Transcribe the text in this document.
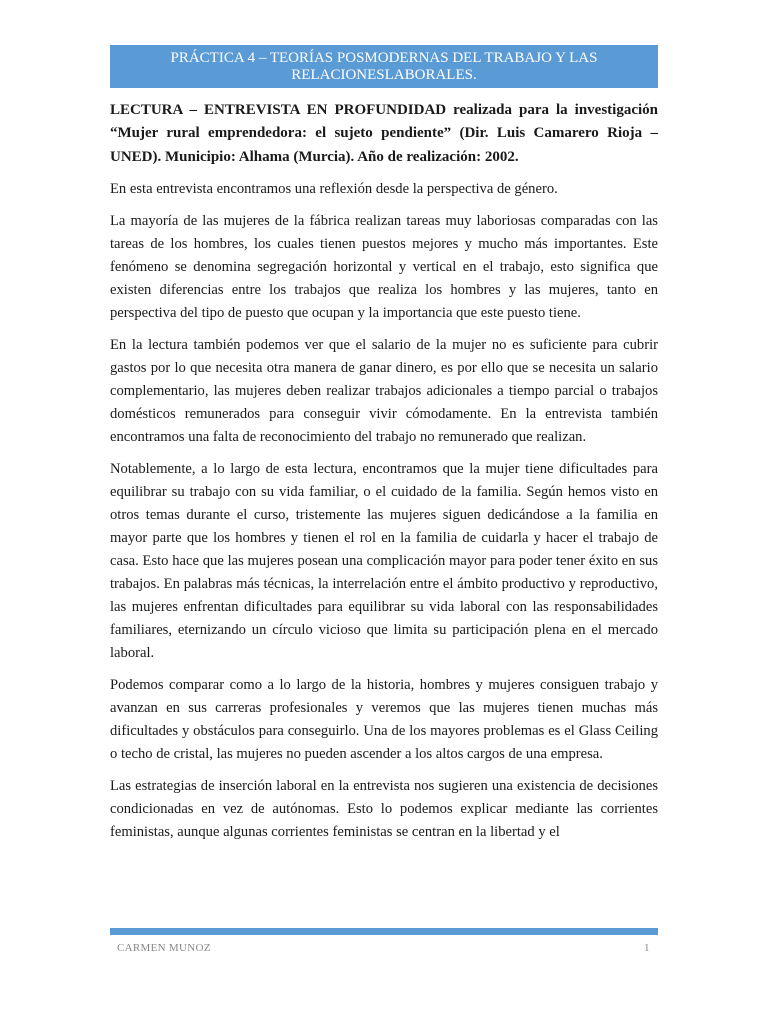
PRÁCTICA 4 – TEORÍAS POSMODERNAS DEL TRABAJO Y LAS RELACIONESLABORALES.

LECTURA – ENTREVISTA EN PROFUNDIDAD realizada para la investigación “Mujer rural emprendedora: el sujeto pendiente” (Dir. Luis Camarero Rioja – UNED). Municipio: Alhama (Murcia). Año de realización: 2002.

En esta entrevista encontramos una reflexión desde la perspectiva de género.

La mayoría de las mujeres de la fábrica realizan tareas muy laboriosas comparadas con las tareas de los hombres, los cuales tienen puestos mejores y mucho más importantes. Este fenómeno se denomina segregación horizontal y vertical en el trabajo, esto significa que existen diferencias entre los trabajos que realiza los hombres y las mujeres, tanto en perspectiva del tipo de puesto que ocupan y la importancia que este puesto tiene.

En la lectura también podemos ver que el salario de la mujer no es suficiente para cubrir gastos por lo que necesita otra manera de ganar dinero, es por ello que se necesita un salario complementario, las mujeres deben realizar trabajos adicionales a tiempo parcial o trabajos domésticos remunerados para conseguir vivir cómodamente. En la entrevista también encontramos una falta de reconocimiento del trabajo no remunerado que realizan.

Notablemente, a lo largo de esta lectura, encontramos que la mujer tiene dificultades para equilibrar su trabajo con su vida familiar, o el cuidado de la familia. Según hemos visto en otros temas durante el curso, tristemente las mujeres siguen dedicándose a la familia en mayor parte que los hombres y tienen el rol en la familia de cuidarla y hacer el trabajo de casa. Esto hace que las mujeres posean una complicación mayor para poder tener éxito en sus trabajos. En palabras más técnicas, la interrelación entre el ámbito productivo y reproductivo, las mujeres enfrentan dificultades para equilibrar su vida laboral con las responsabilidades familiares, eternizando un círculo vicioso que limita su participación plena en el mercado laboral.

Podemos comparar como a lo largo de la historia, hombres y mujeres consiguen trabajo y avanzan en sus carreras profesionales y veremos que las mujeres tienen muchas más dificultades y obstáculos para conseguirlo. Una de los mayores problemas es el Glass Ceiling o techo de cristal, las mujeres no pueden ascender a los altos cargos de una empresa.

Las estrategias de inserción laboral en la entrevista nos sugieren una existencia de decisiones condicionadas en vez de autónomas. Esto lo podemos explicar mediante las corrientes feministas, aunque algunas corrientes feministas se centran en la libertad y el

CARMEN MUNOZ	1
